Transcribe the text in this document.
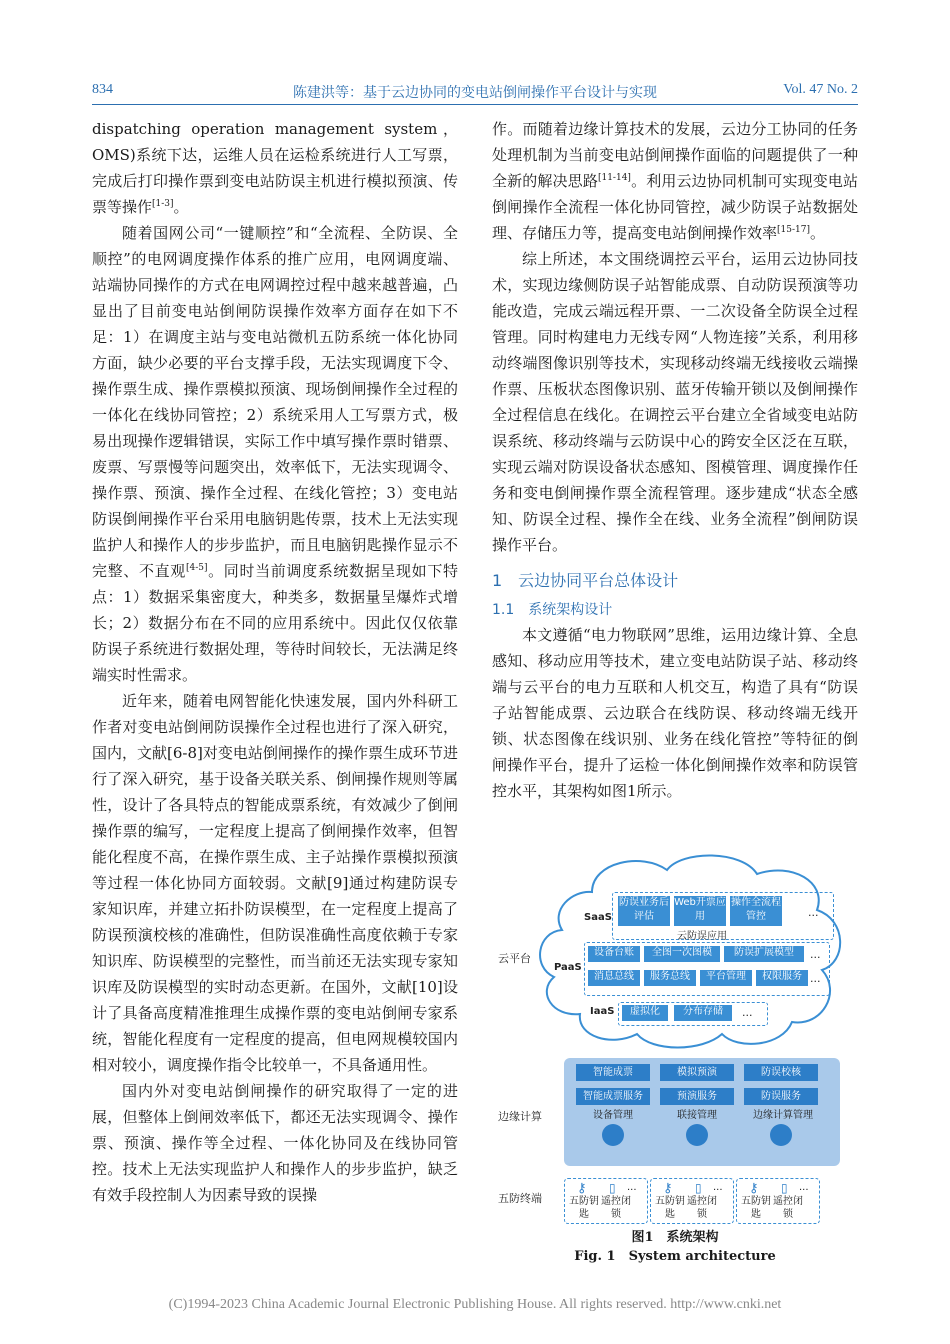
834	陈建洪等：基于云边协同的变电站倒闸操作平台设计与实现	Vol. 47 No. 2

dispatching operation management system，OMS)系统下达，运维人员在运检系统进行人工写票，完成后打印操作票到变电站防误主机进行模拟预演、传票等操作[1-3]。

随着国网公司“一键顺控”和“全流程、全防误、全顺控”的电网调度操作体系的推广应用，电网调度端、站端协同操作的方式在电网调控过程中越来越普遍，凸显出了目前变电站倒闸防误操作效率方面存在如下不足：1）在调度主站与变电站微机五防系统一体化协同方面，缺少必要的平台支撑手段，无法实现调度下令、操作票生成、操作票模拟预演、现场倒闸操作全过程的一体化在线协同管控；2）系统采用人工写票方式，极易出现操作逻辑错误，实际工作中填写操作票时错票、废票、写票慢等问题突出，效率低下，无法实现调令、操作票、预演、操作全过程、在线化管控；3）变电站防误倒闸操作平台采用电脑钥匙传票，技术上无法实现监护人和操作人的步步监护，而且电脑钥匙操作显示不完整、不直观[4-5]。同时当前调度系统数据呈现如下特点：1）数据采集密度大，种类多，数据量呈爆炸式增长；2）数据分布在不同的应用系统中。因此仅仅依靠防误子系统进行数据处理，等待时间较长，无法满足终端实时性需求。

近年来，随着电网智能化快速发展，国内外科研工作者对变电站倒闸防误操作全过程也进行了深入研究，国内，文献[6-8]对变电站倒闸操作的操作票生成环节进行了深入研究，基于设备关联关系、倒闸操作规则等属性，设计了各具特点的智能成票系统，有效减少了倒闸操作票的编写，一定程度上提高了倒闸操作效率，但智能化程度不高，在操作票生成、主子站操作票模拟预演等过程一体化协同方面较弱。文献[9]通过构建防误专家知识库，并建立拓扑防误模型，在一定程度上提高了防误预演校核的准确性，但防误准确性高度依赖于专家知识库、防误模型的完整性，而当前还无法实现专家知识库及防误模型的实时动态更新。在国外，文献[10]设计了具备高度精准推理生成操作票的变电站倒闸专家系统，智能化程度有一定程度的提高，但电网规模较国内相对较小，调度操作指令比较单一，不具备通用性。

国内外对变电站倒闸操作的研究取得了一定的进展，但整体上倒闸效率低下，都还无法实现调令、操作票、预演、操作等全过程、一体化协同及在线协同管控。技术上无法实现监护人和操作人的步步监护，缺乏有效手段控制人为因素导致的误操

作。而随着边缘计算技术的发展，云边分工协同的任务处理机制为当前变电站倒闸操作面临的问题提供了一种全新的解决思路[11-14]。利用云边协同机制可实现变电站倒闸操作全流程一体化协同管控，减少防误子站数据处理、存储压力等，提高变电站倒闸操作效率[15-17]。

综上所述，本文围绕调控云平台，运用云边协同技术，实现边缘侧防误子站智能成票、自动防误预演等功能改造，完成云端远程开票、一二次设备全防误全过程管理。同时构建电力无线专网“人物连接”关系，利用移动终端图像识别等技术，实现移动终端无线接收云端操作票、压板状态图像识别、蓝牙传输开锁以及倒闸操作全过程信息在线化。在调控云平台建立全省域变电站防误系统、移动终端与云防误中心的跨安全区泛在互联，实现云端对防误设备状态感知、图模管理、调度操作任务和变电倒闸操作票全流程管理。逐步建成“状态全感知、防误全过程、操作全在线、业务全流程”倒闸防误操作平台。

1　云边协同平台总体设计
1.1　系统架构设计

本文遵循“电力物联网”思维，运用边缘计算、全息感知、移动应用等技术，建立变电站防误子站、移动终端与云平台的电力互联和人机交互，构造了具有“防误子站智能成票、云边联合在线防误、移动终端无线开锁、状态图像在线识别、业务在线化管控”等特征的倒闸操作平台，提升了运检一体化倒闸操作效率和防误管控水平，其架构如图1所示。

云平台
边缘计算
五防终端
SaaS
防误业务后评估
Web开票应用
操作全流程管控	...
云防误应用
PaaS
设备台账	全图一次图模	防误扩展模型	...
消息总线	服务总线	平台管理	权限服务 ...
IaaS	虚拟化	分布存储	...
智能成票	模拟预演	防误校核
智能成票服务	预演服务	防误服务
设备管理	联接管理	边缘计算管理
⚷ ▯ ...
五防钥匙
遥控闭锁
⚷ ▯ ...
五防钥匙
遥控闭锁
⚷ ▯ ...
五防钥匙
遥控闭锁
图1　系统架构
Fig. 1　System architecture
(C)1994-2023 China Academic Journal Electronic Publishing House. All rights reserved. http://www.cnki.net
